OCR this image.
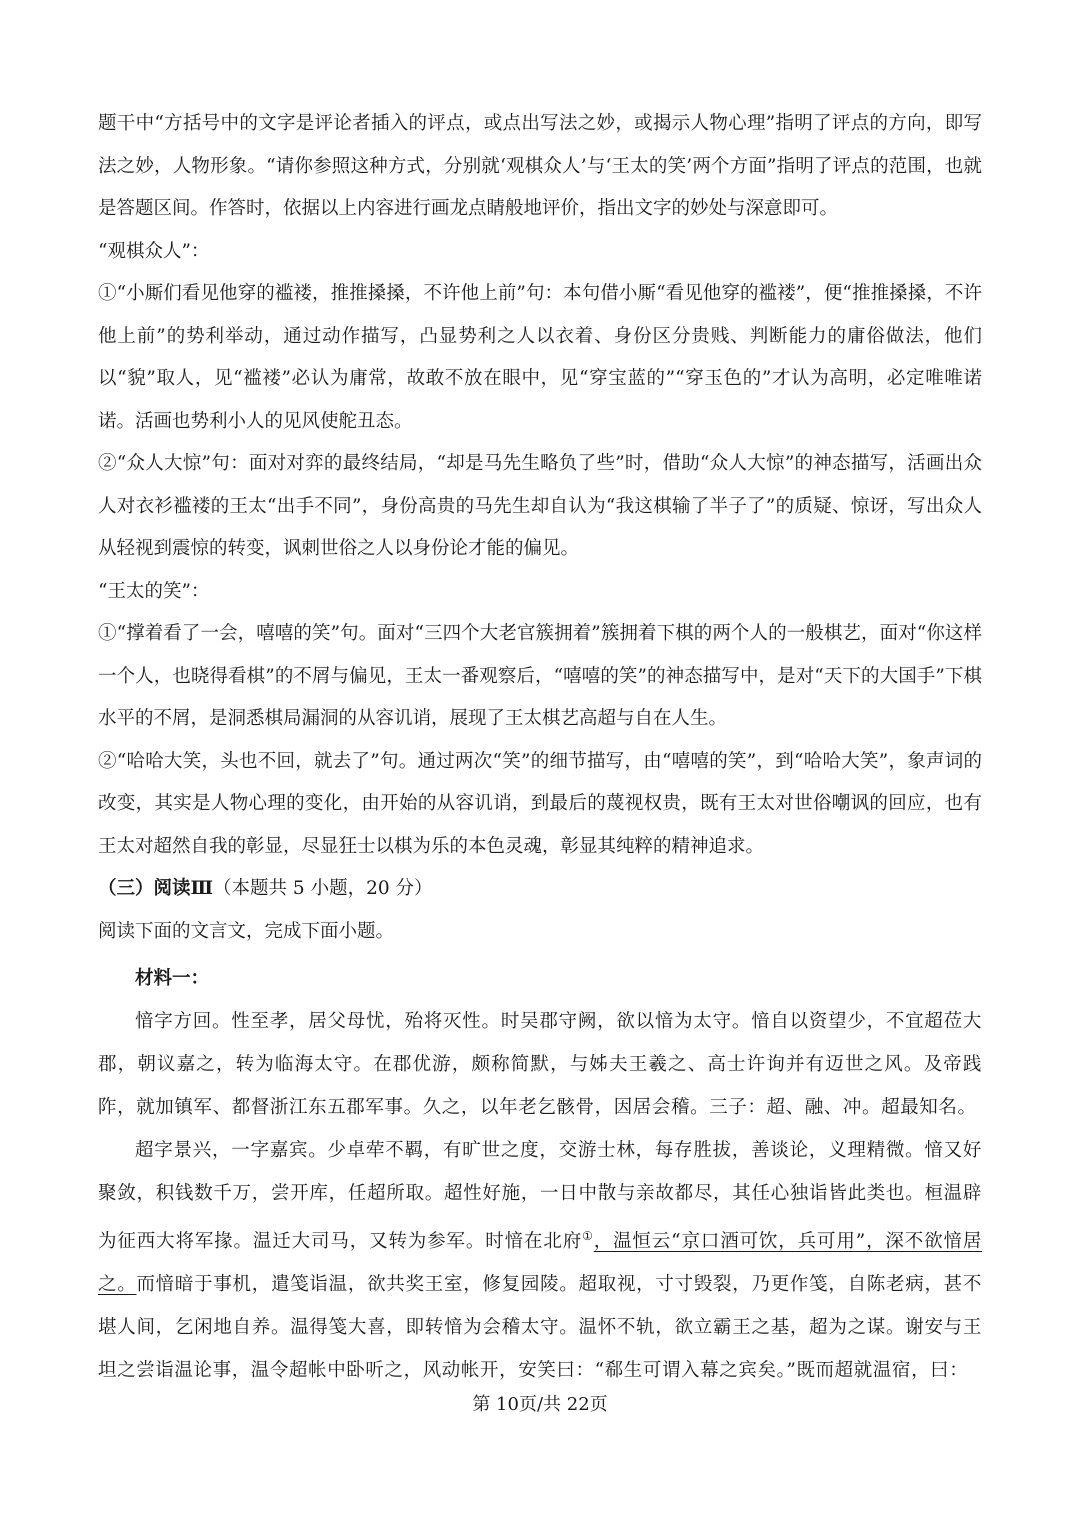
题干中“方括号中的文字是评论者插入的评点，或点出写法之妙，或揭示人物心理”指明了评点的方向，即写法之妙，人物形象。“请你参照这种方式，分别就‘观棋众人’与‘王太的笑’两个方面”指明了评点的范围，也就是答题区间。作答时，依据以上内容进行画龙点睛般地评价，指出文字的妙处与深意即可。

“观棋众人”：

①“小厮们看见他穿的褴褛，推推搡搡，不许他上前”句：本句借小厮“看见他穿的褴褛”，便“推推搡搡，不许他上前”的势利举动，通过动作描写，凸显势利之人以衣着、身份区分贵贱、判断能力的庸俗做法，他们以“貌”取人，见“褴褛”必认为庸常，故敢不放在眼中，见“穿宝蓝的”“穿玉色的”才认为高明，必定唯唯诺诺。活画也势利小人的见风使舵丑态。

②“众人大惊”句：面对对弈的最终结局，“却是马先生略负了些”时，借助“众人大惊”的神态描写，活画出众人对衣衫褴褛的王太“出手不同”，身份高贵的马先生却自认为“我这棋输了半子了”的质疑、惊讶，写出众人从轻视到震惊的转变，讽刺世俗之人以身份论才能的偏见。

“王太的笑”：

①“撑着看了一会，嘻嘻的笑”句。面对“三四个大老官簇拥着”簇拥着下棋的两个人的一般棋艺，面对“你这样一个人，也晓得看棋”的不屑与偏见，王太一番观察后，“嘻嘻的笑”的神态描写中，是对“天下的大国手”下棋水平的不屑，是洞悉棋局漏洞的从容讥诮，展现了王太棋艺高超与自在人生。

②“哈哈大笑，头也不回，就去了”句。通过两次“笑”的细节描写，由“嘻嘻的笑”，到“哈哈大笑”，象声词的改变，其实是人物心理的变化，由开始的从容讥诮，到最后的蔑视权贵，既有王太对世俗嘲讽的回应，也有王太对超然自我的彰显，尽显狂士以棋为乐的本色灵魂，彰显其纯粹的精神追求。

（三）阅读Ⅲ（本题共 5 小题，20 分）

阅读下面的文言文，完成下面小题。

材料一：

愔字方回。性至孝，居父母忧，殆将灭性。时吴郡守阙，欲以愔为太守。愔自以资望少，不宜超莅大郡，朝议嘉之，转为临海太守。在郡优游，颇称简默，与姊夫王羲之、高士许询并有迈世之风。及帝践阼，就加镇军、都督浙江东五郡军事。久之，以年老乞骸骨，因居会稽。三子：超、融、冲。超最知名。

超字景兴，一字嘉宾。少卓荦不羁，有旷世之度，交游士林，每存胜拔，善谈论，义理精微。愔又好聚敛，积钱数千万，尝开库，任超所取。超性好施，一日中散与亲故都尽，其任心独诣皆此类也。桓温辟为征西大将军掾。温迁大司马，又转为参军。时愔在北府①，温恒云“京口酒可饮，兵可用”，深不欲愔居之。而愔暗于事机，遣笺诣温，欲共奖王室，修复园陵。超取视，寸寸毁裂，乃更作笺，自陈老病，甚不堪人间，乞闲地自养。温得笺大喜，即转愔为会稽太守。温怀不轨，欲立霸王之基，超为之谋。谢安与王坦之尝诣温论事，温令超帐中卧听之，风动帐开，安笑曰：“郗生可谓入幕之宾矣。”既而超就温宿，曰：

第 10页/共 22页
